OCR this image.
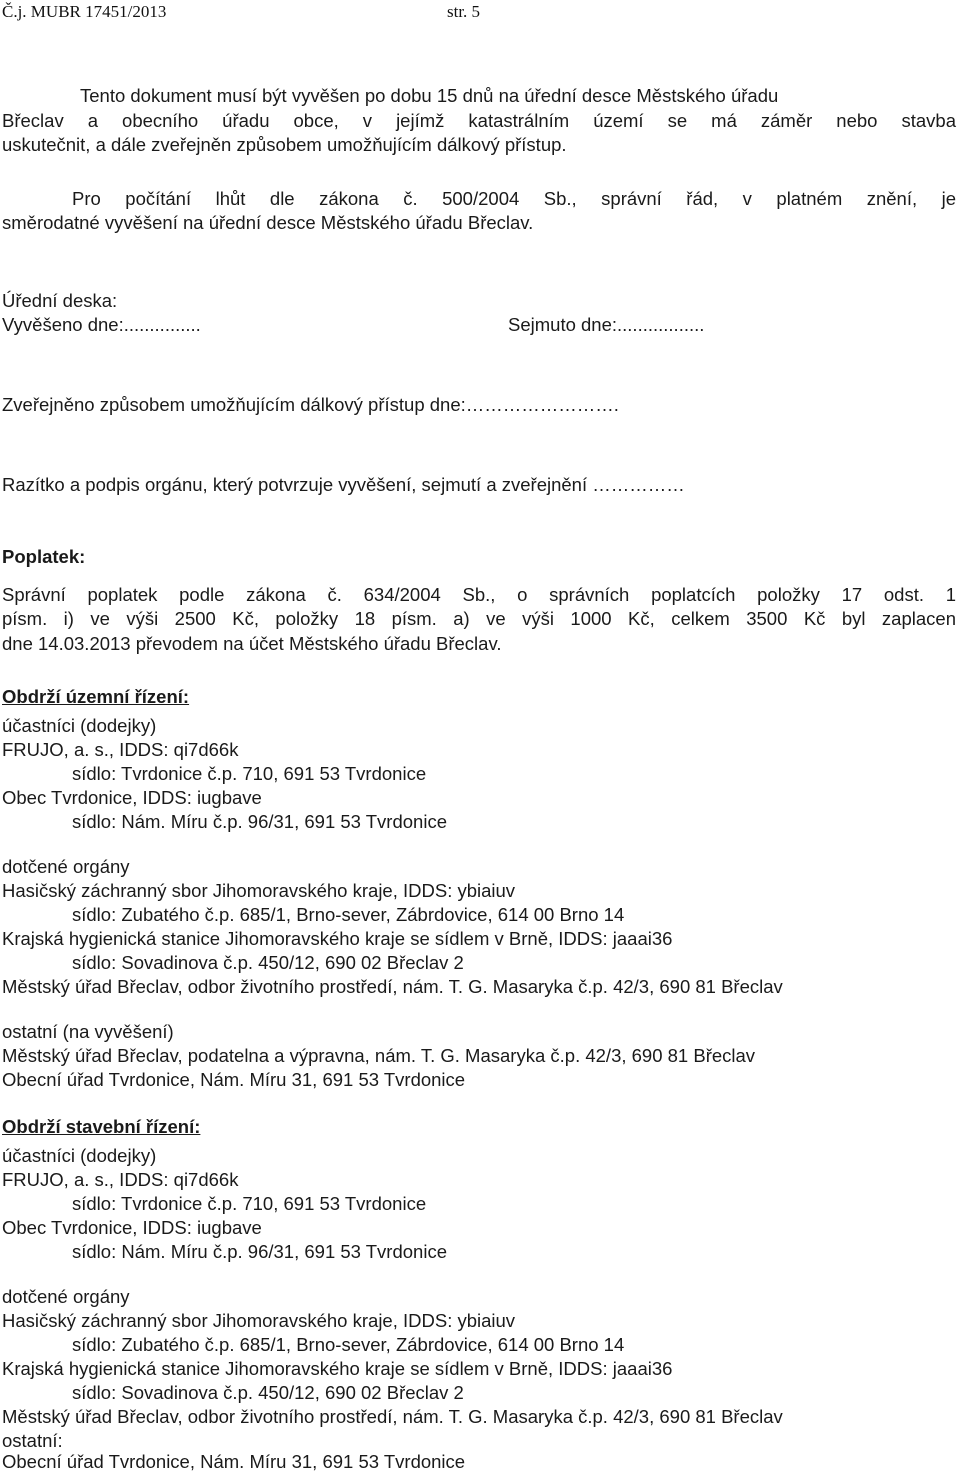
Č.j. MUBR 17451/2013	str. 5
Tento dokument musí být vyvěšen po dobu 15 dnů na úřední desce Městského úřadu
Břeclav a obecního úřadu obce, v jejímž katastrálním území se má záměr nebo stavba
uskutečnit, a dále zveřejněn způsobem umožňujícím dálkový přístup.
Pro počítání lhůt dle zákona č. 500/2004 Sb., správní řád, v platném znění, je
směrodatné vyvěšení na úřední desce Městského úřadu Břeclav.
Úřední deska:
Vyvěšeno dne:...............	Sejmuto dne:.................
Zveřejněno způsobem umožňujícím dálkový přístup dne:…………………….
Razítko a podpis orgánu, který potvrzuje vyvěšení, sejmutí a zveřejnění ……………
Poplatek:
Správní poplatek podle zákona č. 634/2004 Sb., o správních poplatcích položky 17 odst. 1
písm. i) ve výši 2500 Kč, položky 18 písm. a) ve výši 1000 Kč, celkem 3500 Kč byl zaplacen
dne 14.03.2013 převodem na účet Městského úřadu Břeclav.
Obdrží územní řízení:
účastníci (dodejky)
FRUJO, a. s., IDDS: qi7d66k
sídlo: Tvrdonice č.p. 710, 691 53 Tvrdonice
Obec Tvrdonice, IDDS: iugbave
sídlo: Nám. Míru č.p. 96/31, 691 53 Tvrdonice
dotčené orgány
Hasičský záchranný sbor Jihomoravského kraje, IDDS: ybiaiuv
sídlo: Zubatého č.p. 685/1, Brno-sever, Zábrdovice, 614 00 Brno 14
Krajská hygienická stanice Jihomoravského kraje se sídlem v Brně, IDDS: jaaai36
sídlo: Sovadinova č.p. 450/12, 690 02 Břeclav 2
Městský úřad Břeclav, odbor životního prostředí, nám. T. G. Masaryka č.p. 42/3, 690 81 Břeclav
ostatní (na vyvěšení)
Městský úřad Břeclav, podatelna a výpravna, nám. T. G. Masaryka č.p. 42/3, 690 81 Břeclav
Obecní úřad Tvrdonice, Nám. Míru 31, 691 53 Tvrdonice
Obdrží stavební řízení:
účastníci (dodejky)
FRUJO, a. s., IDDS: qi7d66k
sídlo: Tvrdonice č.p. 710, 691 53 Tvrdonice
Obec Tvrdonice, IDDS: iugbave
sídlo: Nám. Míru č.p. 96/31, 691 53 Tvrdonice
dotčené orgány
Hasičský záchranný sbor Jihomoravského kraje, IDDS: ybiaiuv
sídlo: Zubatého č.p. 685/1, Brno-sever, Zábrdovice, 614 00 Brno 14
Krajská hygienická stanice Jihomoravského kraje se sídlem v Brně, IDDS: jaaai36
sídlo: Sovadinova č.p. 450/12, 690 02 Břeclav 2
Městský úřad Břeclav, odbor životního prostředí, nám. T. G. Masaryka č.p. 42/3, 690 81 Břeclav
ostatní:
Obecní úřad Tvrdonice, Nám. Míru 31, 691 53 Tvrdonice
